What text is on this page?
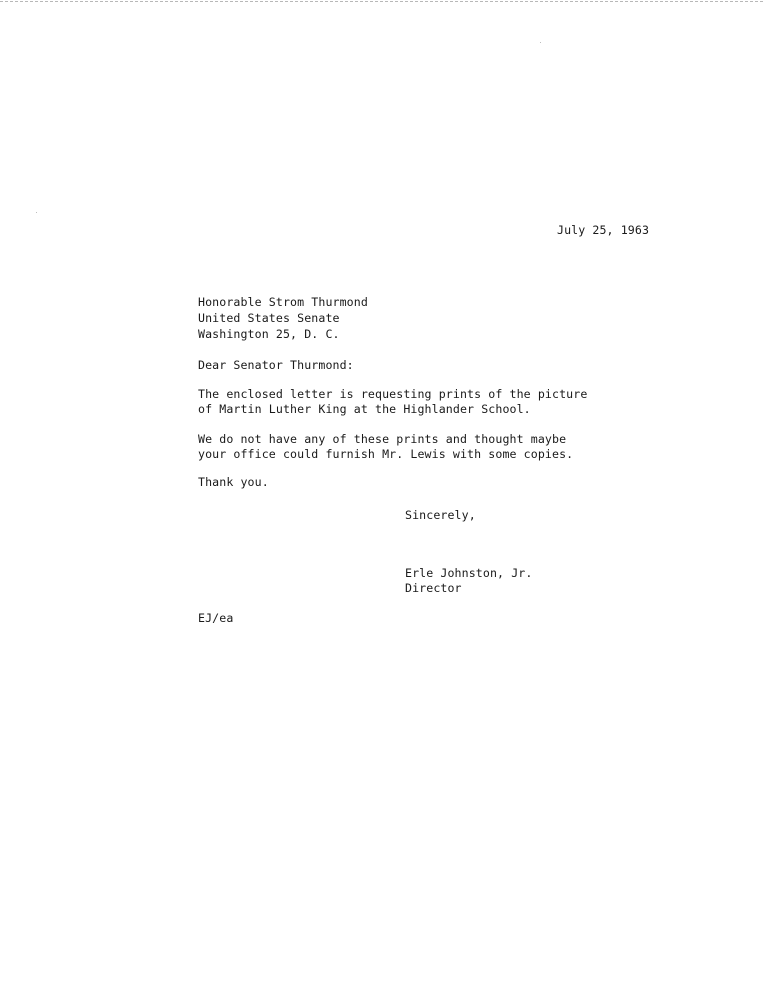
July 25, 1963
Honorable Strom Thurmond
United States Senate
Washington 25, D. C.
Dear Senator Thurmond:
The enclosed letter is requesting prints of the picture
of Martin Luther King at the Highlander School.
We do not have any of these prints and thought maybe
your office could furnish Mr. Lewis with some copies.
Thank you.
Sincerely,
Erle Johnston, Jr.
Director
EJ/ea
